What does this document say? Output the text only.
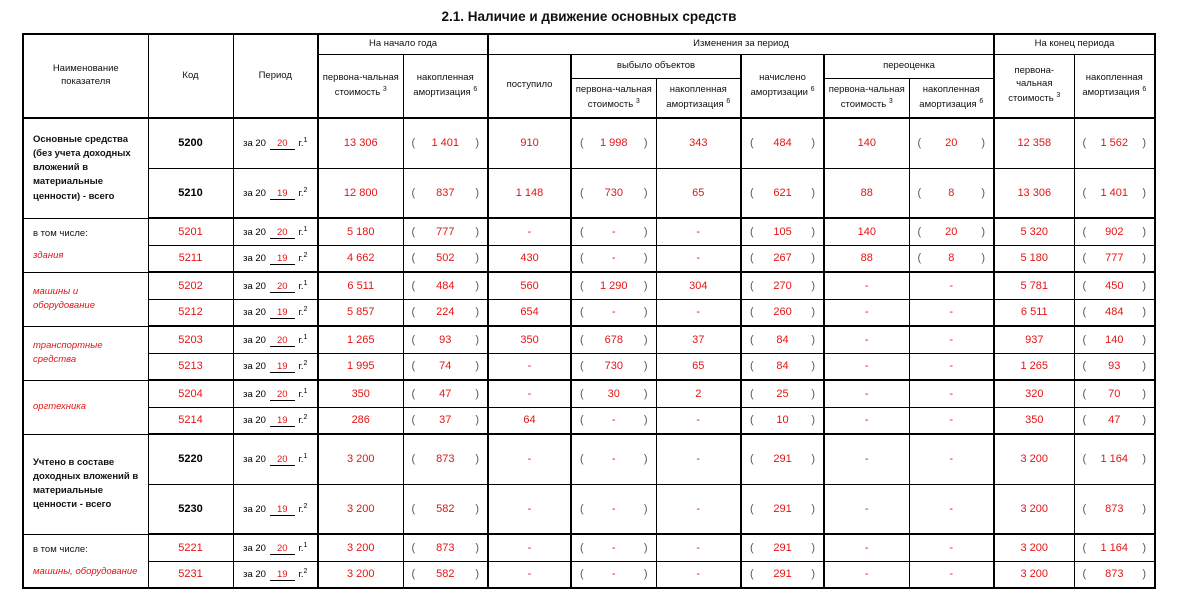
2.1. Наличие и движение основных средств
Наименование показателя	Код	Период	На начало года		Изменения за период						На конец периода	
			первона-чальная стоимость $^3$	накопленная амортизация $^6$	поступило	выбыло объектов		начислено амортизации $^6$	переоценка		первона-чальная стоимость $^3$	накопленная амортизация $^6$
						первона-чальная стоимость $^3$	накопленная амортизация $^6$		первона-чальная стоимость $^3$	накопленная амортизация $^6$

Основные средства (без учета доходных вложений в материальные ценности) - всего	5200	за 20 20 г.$^1$	13 306	( 1 401 )	910	( 1 998 )	343	( 484 )	140	( 20 )	12 358	( 1 562 )

	5210	за 20 19 г.$^2$	12 800	( 837 )	1 148	( 730 )	65	( 621 )	88	( 8 )	13 306	( 1 401 )

в том числе:
здания	5201	за 20 20 г.$^1$	5 180	( 777 )	-	( - )	-	( 105 )	140	( 20 )	5 320	( 902 )

	5211	за 20 19 г.$^2$	4 662	( 502 )	430	( - )	-	( 267 )	88	( 8 )	5 180	( 777 )

машины и оборудование	5202	за 20 20 г.$^1$	6 511	( 484 )	560	( 1 290 )	304	( 270 )	-	-	5 781	( 450 )

	5212	за 20 19 г.$^2$	5 857	( 224 )	654	( - )	-	( 260 )	-	-	6 511	( 484 )

транспортные средства	5203	за 20 20 г.$^1$	1 265	( 93 )	350	( 678 )	37	( 84 )	-	-	937	( 140 )

	5213	за 20 19 г.$^2$	1 995	( 74 )	-	( 730 )	65	( 84 )	-	-	1 265	( 93 )

оргтехника	5204	за 20 20 г.$^1$	350	( 47 )	-	( 30 )	2	( 25 )	-	-	320	( 70 )

	5214	за 20 19 г.$^2$	286	( 37 )	64	( - )	-	( 10 )	-	-	350	( 47 )

Учтено в составе доходных вложений в материальные ценности - всего	5220	за 20 20 г.$^1$	3 200	( 873 )	-	( - )	-	( 291 )	-	-	3 200	( 1 164 )

	5230	за 20 19 г.$^2$	3 200	( 582 )	-	( - )	-	( 291 )	-	-	3 200	( 873 )

в том числе:
машины, оборудование	5221	за 20 20 г.$^1$	3 200	( 873 )	-	( - )	-	( 291 )	-	-	3 200	( 1 164 )

	5231	за 20 19 г.$^2$	3 200	( 582 )	-	( - )	-	( 291 )	-	-	3 200	( 873 )
